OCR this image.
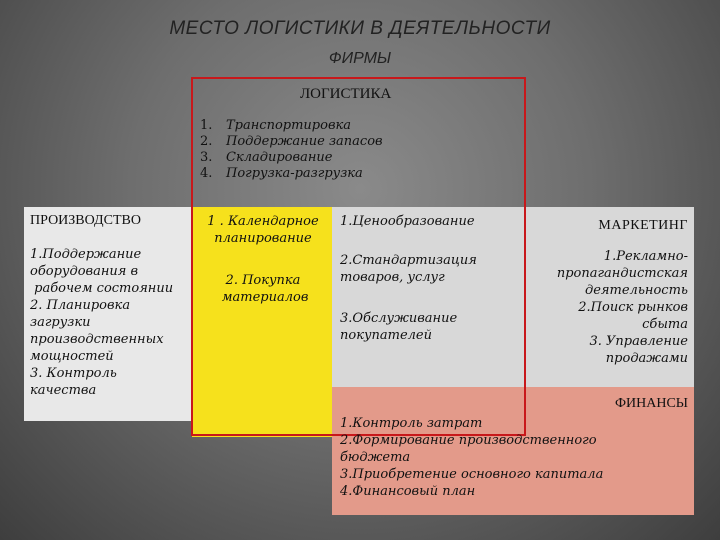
МЕСТО ЛОГИСТИКИ В ДЕЯТЕЛЬНОСТИ
ФИРМЫ
ЛОГИСТИКА
1.	Транспортировка
2.	Поддержание запасов
3.	Складирование
4.	Погрузка-разгрузка
ПРОИЗВОДСТВО
1.Поддержание
оборудования в
рабочем состоянии
2. Планировка
загрузки
производственных
мощностей
3. Контроль
качества
1 . Календарное
планирование
2. Покупка
материалов
1.Ценообразование
2.Стандартизация
товаров, услуг
3.Обслуживание
покупателей
МАРКЕТИНГ
1.Рекламно-
пропагандистская
деятельность
2.Поиск рынков
сбыта
3. Управление
продажами
ФИНАНСЫ
1.Контроль затрат
2.Формирование производственного
бюджета
3.Приобретение основного капитала
4.Финансовый план
